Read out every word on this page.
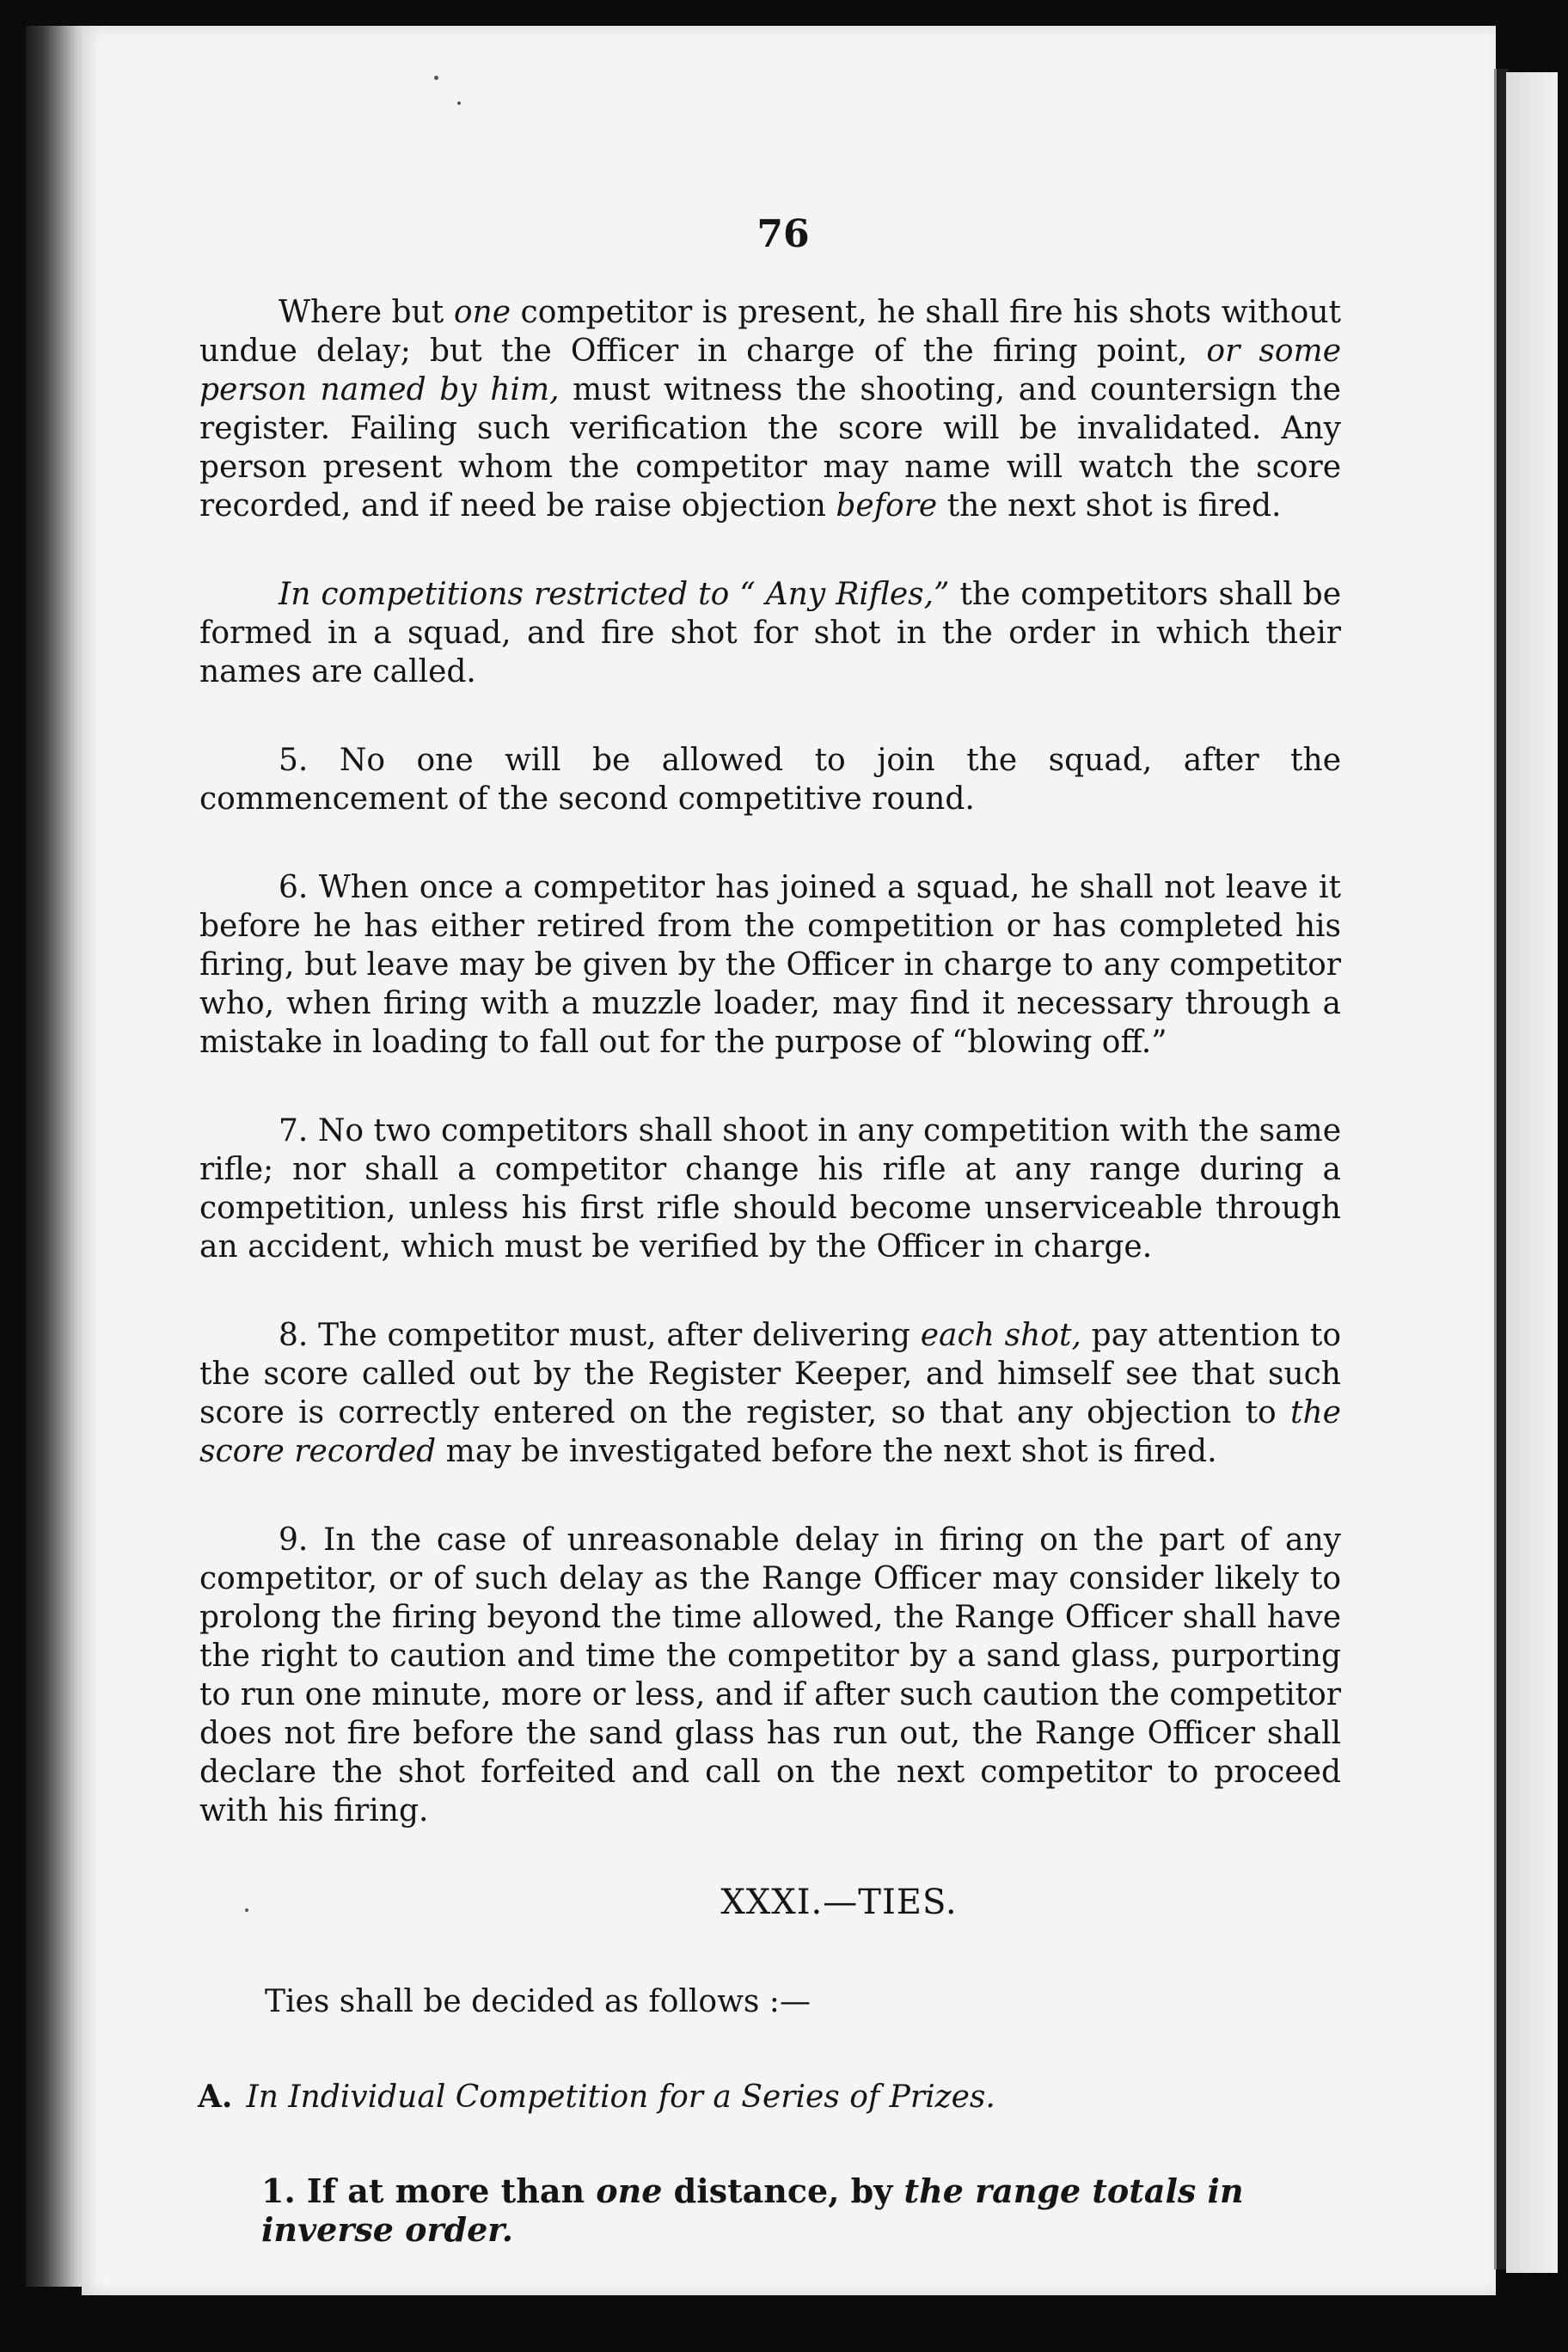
76

Where but one competitor is present, he shall fire his shots without undue delay; but the Officer in charge of the firing point, or some person named by him, must witness the shooting, and countersign the register. Failing such verification the score will be invalidated. Any person present whom the competitor may name will watch the score recorded, and if need be raise objection before the next shot is fired.

In competitions restricted to “ Any Rifles,” the competitors shall be formed in a squad, and fire shot for shot in the order in which their names are called.

5. No one will be allowed to join the squad, after the commencement of the second competitive round.

6. When once a competitor has joined a squad, he shall not leave it before he has either retired from the competition or has completed his firing, but leave may be given by the Officer in charge to any competitor who, when firing with a muzzle loader, may find it necessary through a mistake in loading to fall out for the purpose of “blowing off.”

7. No two competitors shall shoot in any competition with the same rifle; nor shall a competitor change his rifle at any range during a competition, unless his first rifle should become unserviceable through an accident, which must be verified by the Officer in charge.

8. The competitor must, after delivering each shot, pay attention to the score called out by the Register Keeper, and himself see that such score is correctly entered on the register, so that any objection to the score recorded may be investigated before the next shot is fired.

9. In the case of unreasonable delay in firing on the part of any competitor, or of such delay as the Range Officer may consider likely to prolong the firing beyond the time allowed, the Range Officer shall have the right to caution and time the competitor by a sand glass, purporting to run one minute, more or less, and if after such caution the competitor does not fire before the sand glass has run out, the Range Officer shall declare the shot forfeited and call on the next competitor to proceed with his firing.

XXXI.—TIES.
Ties shall be decided as follows :—
A. In Individual Competition for a Series of Prizes.
1. If at more than one distance, by the range totals in inverse order.
